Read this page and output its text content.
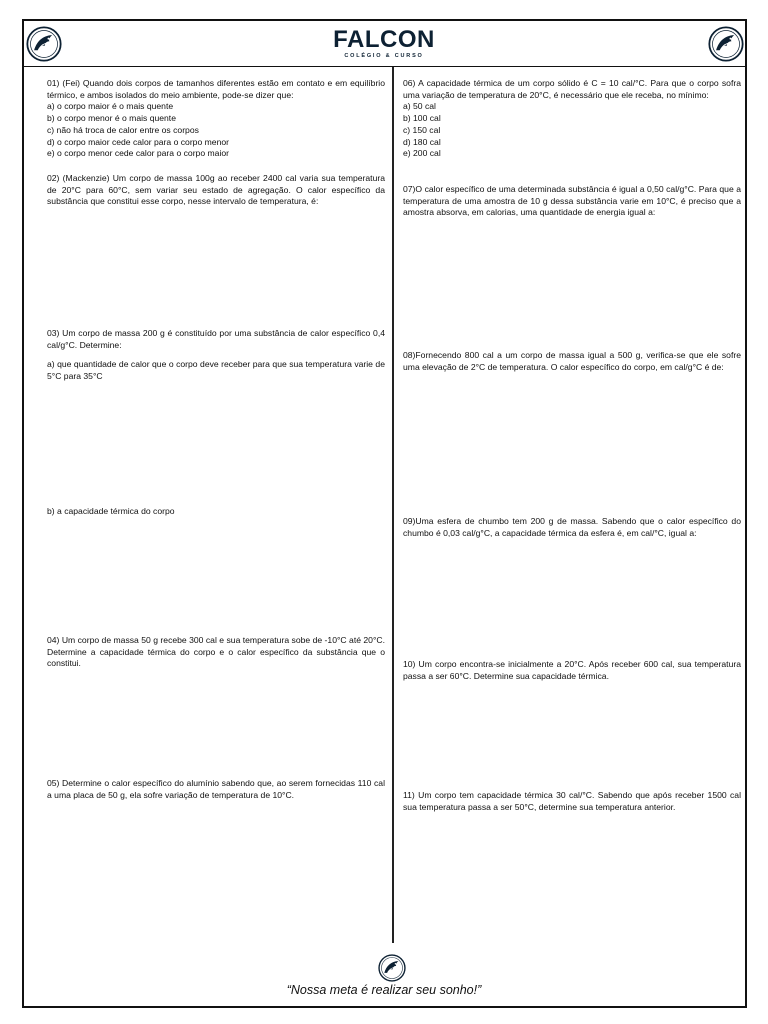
FALCON
COLÉGIO & CURSO
01) (Fei) Quando dois corpos de tamanhos diferentes estão em contato e em equilíbrio térmico, e ambos isolados do meio ambiente, pode-se dizer que:
a) o corpo maior é o mais quente
b) o corpo menor é o mais quente
c) não há troca de calor entre os corpos
d) o corpo maior cede calor para o corpo menor
e) o corpo menor cede calor para o corpo maior
02) (Mackenzie) Um corpo de massa 100g ao receber 2400 cal varia sua temperatura de 20°C para 60°C, sem variar seu estado de agregação. O calor específico da substância que constitui esse corpo, nesse intervalo de temperatura, é:
03) Um corpo de massa 200 g é constituído por uma substância de calor específico 0,4 cal/g°C. Determine:
a) que quantidade de calor que o corpo deve receber para que sua temperatura varie de 5°C para 35°C
b) a capacidade térmica do corpo
04) Um corpo de massa 50 g recebe 300 cal e sua temperatura sobe de -10°C até 20°C. Determine a capacidade térmica do corpo e o calor específico da substância que o constitui.
05) Determine o calor específico do alumínio sabendo que, ao serem fornecidas 110 cal a uma placa de 50 g, ela sofre variação de temperatura de 10°C.
06) A capacidade térmica de um corpo sólido é C = 10 cal/°C. Para que o corpo sofra uma variação de temperatura de 20°C, é necessário que ele receba, no mínimo:
a) 50 cal
b) 100 cal
c) 150 cal
d) 180 cal
e) 200 cal
07)O calor específico de uma determinada substância é igual a 0,50 cal/g°C. Para que a temperatura de uma amostra de 10 g dessa substância varie em 10°C, é preciso que a amostra absorva, em calorias, uma quantidade de energia igual a:
08)Fornecendo 800 cal a um corpo de massa igual a 500 g, verifica-se que ele sofre uma elevação de 2°C de temperatura. O calor específico do corpo, em cal/g°C é de:
09)Uma esfera de chumbo tem 200 g de massa. Sabendo que o calor específico do chumbo é 0,03 cal/g°C, a capacidade térmica da esfera é, em cal/°C, igual a:
10) Um corpo encontra-se inicialmente a 20°C. Após receber 600 cal, sua temperatura passa a ser 60°C. Determine sua capacidade térmica.
11) Um corpo tem capacidade térmica 30 cal/°C. Sabendo que após receber 1500 cal sua temperatura passa a ser 50°C, determine sua temperatura anterior.
“Nossa meta é realizar seu sonho!”
